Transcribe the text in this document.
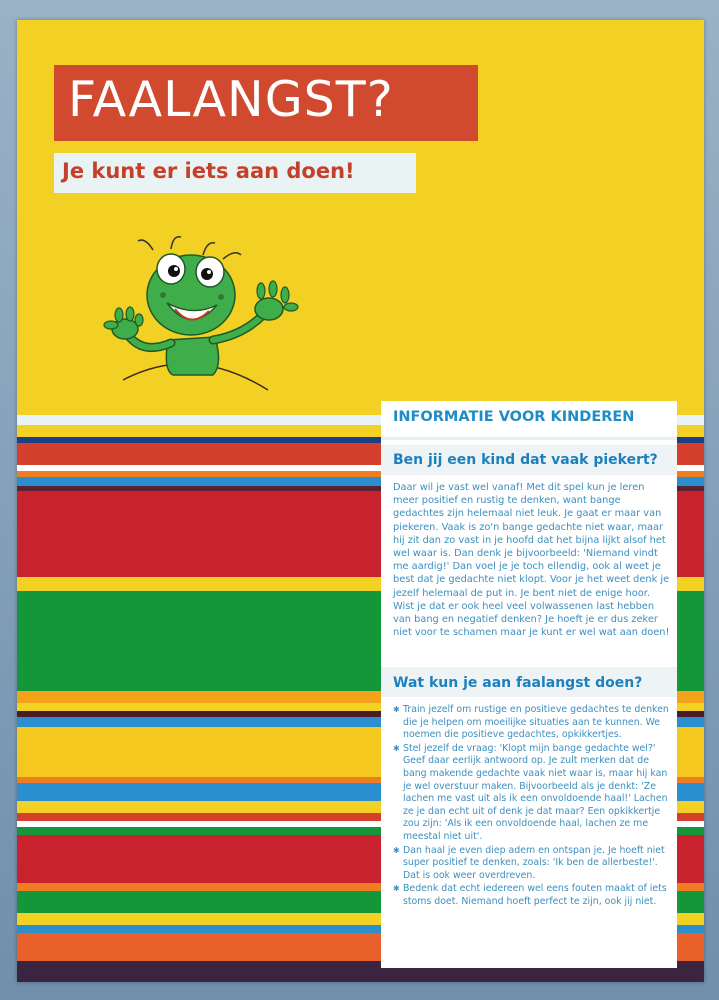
FAALANGST?
Je kunt er iets aan doen!
INFORMATIE VOOR KINDEREN
Ben jij een kind dat vaak piekert?
Daar wil je vast wel vanaf! Met dit spel kun je leren meer positief en rustig te denken, want bange gedachtes zijn helemaal niet leuk. Je gaat er maar van piekeren. Vaak is zo'n bange gedachte niet waar, maar hij zit dan zo vast in je hoofd dat het bijna lijkt alsof het wel waar is. Dan denk je bijvoorbeeld: 'Niemand vindt me aardig!' Dan voel je je toch ellendig, ook al weet je best dat je gedachte niet klopt. Voor je het weet denk je jezelf helemaal de put in. Je bent niet de enige hoor. Wist je dat er ook heel veel volwassenen last hebben van bang en negatief denken? Je hoeft je er dus zeker niet voor te schamen maar je kunt er wel wat aan doen!
Wat kun je aan faalangst doen?
✱ Train jezelf om rustige en positieve gedachtes te denken die je helpen om moeilijke situaties aan te kunnen. We noemen die positieve gedachtes, opkikkertjes.
✱ Stel jezelf de vraag: 'Klopt mijn bange gedachte wel?' Geef daar eerlijk antwoord op. Je zult merken dat de bang makende gedachte vaak niet waar is, maar hij kan je wel overstuur maken. Bijvoorbeeld als je denkt: 'Ze lachen me vast uit als ik een onvoldoende haal!' Lachen ze je dan echt uit of denk je dat maar? Een opkikkertje zou zijn: 'Als ik een onvoldoende haal, lachen ze me meestal niet uit'.
✱ Dan haal je even diep adem en ontspan je. Je hoeft niet super positief te denken, zoals: 'Ik ben de allerbeste!'. Dat is ook weer overdreven.
✱ Bedenk dat echt iedereen wel eens fouten maakt of iets stoms doet. Niemand hoeft perfect te zijn, ook jij niet.
